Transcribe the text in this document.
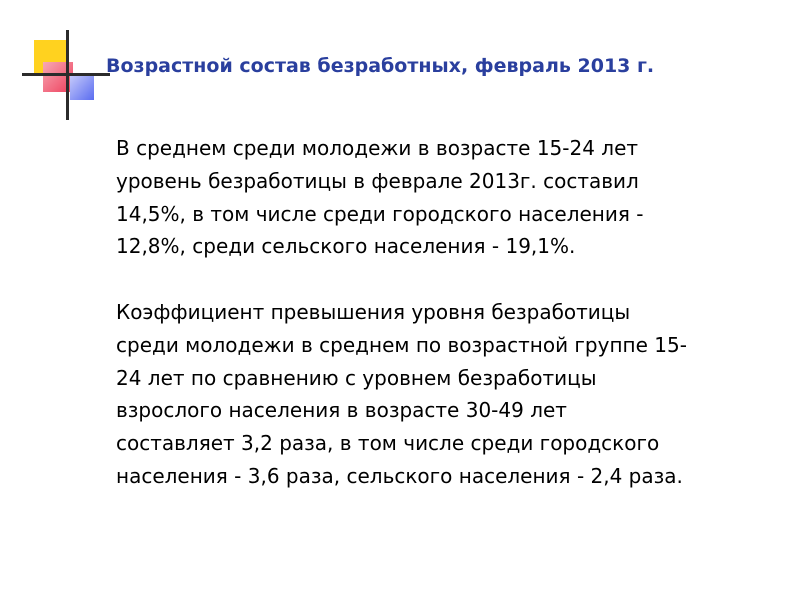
Возрастной состав безработных, февраль 2013 г.

В среднем среди молодежи в возрасте 15-24 лет
уровень безработицы в феврале 2013г. составил
14,5%, в том числе среди городского населения -
12,8%, среди сельского населения - 19,1%.

Коэффициент превышения уровня безработицы
среди молодежи в среднем по возрастной группе 15-
24 лет по сравнению с уровнем безработицы
взрослого населения в возрасте 30-49 лет
составляет 3,2 раза, в том числе среди городского
населения - 3,6 раза, сельского населения - 2,4 раза.
